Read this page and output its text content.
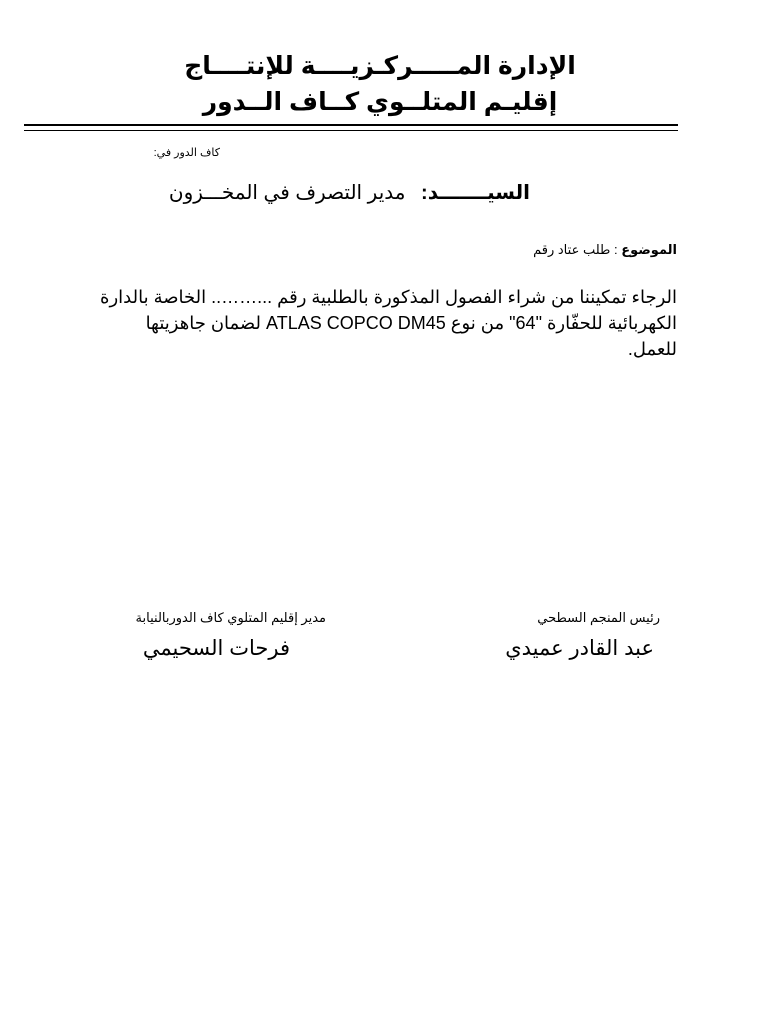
الإدارة المـــــركـزيــــة للإنتــــاج
إقليـم المتلــوي كــاف الــدور
كاف الدور في:
السيـــــــد: مدير التصرف في المخـــزون
الموضوع : طلب عتاد رقم
الرجاء تمكيننا من شراء الفصول المذكورة بالطلبية رقم ...…….. الخاصة بالدارة
الكهربائية للحفّارة "64" من نوع ATLAS COPCO DM45 لضمان جاهزيتها
للعمل.
رئيس المنجم السطحي
عبد القادر عميدي
مدير إقليم المتلوي كاف الدوربالنيابة
فرحات السحيمي
